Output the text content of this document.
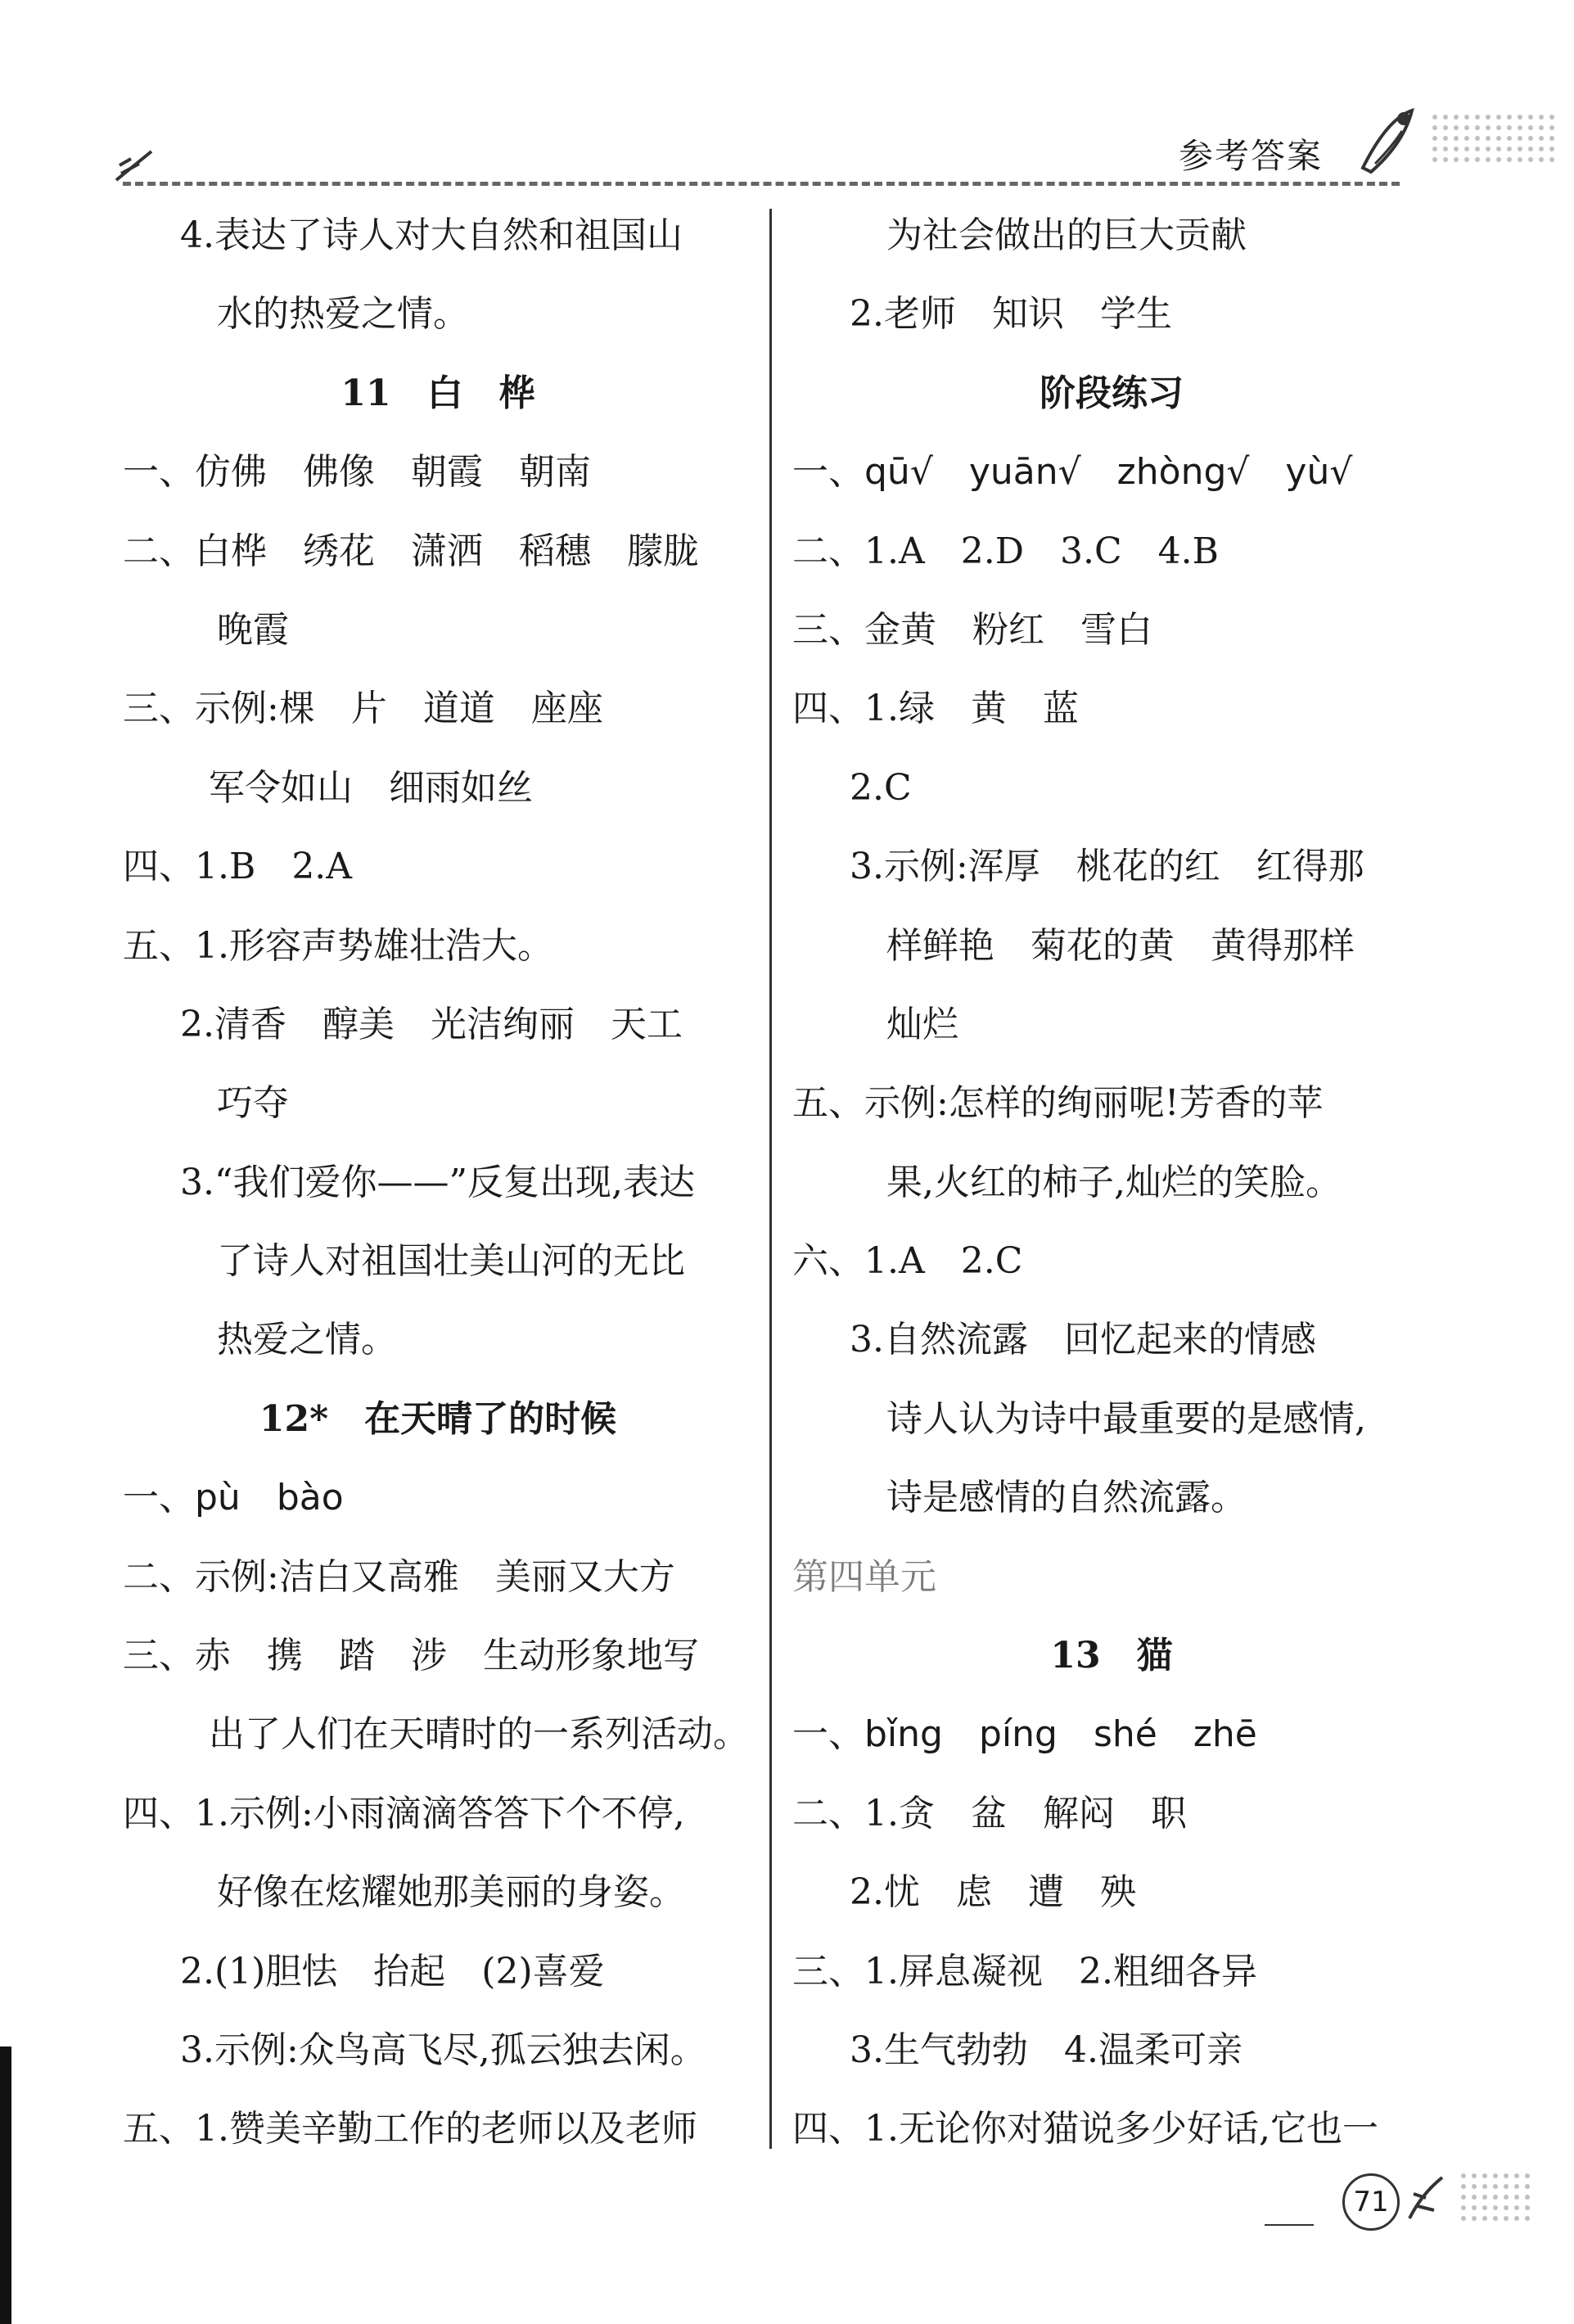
参考答案
4.表达了诗人对大自然和祖国山
水的热爱之情。
11　白　桦
一、仿佛　佛像　朝霞　朝南
二、白桦　绣花　潇洒　稻穗　朦胧
晚霞
三、示例:棵　片　道道　座座
军令如山　细雨如丝
四、1.B　2.A
五、1.形容声势雄壮浩大。
2.清香　醇美　光洁绚丽　天工
巧夺
3.“我们爱你——”反复出现,表达
了诗人对祖国壮美山河的无比
热爱之情。
12*　在天晴了的时候
一、pù　bào
二、示例:洁白又高雅　美丽又大方
三、赤　携　踏　涉　生动形象地写
出了人们在天晴时的一系列活动。
四、1.示例:小雨滴滴答答下个不停,
好像在炫耀她那美丽的身姿。
2.(1)胆怯　抬起　(2)喜爱
3.示例:众鸟高飞尽,孤云独去闲。
五、1.赞美辛勤工作的老师以及老师
为社会做出的巨大贡献
2.老师　知识　学生
阶段练习
一、qū√　yuān√　zhòng√　yù√
二、1.A　2.D　3.C　4.B
三、金黄　粉红　雪白
四、1.绿　黄　蓝
2.C
3.示例:浑厚　桃花的红　红得那
样鲜艳　菊花的黄　黄得那样
灿烂
五、示例:怎样的绚丽呢!芳香的苹
果,火红的柿子,灿烂的笑脸。
六、1.A　2.C
3.自然流露　回忆起来的情感
诗人认为诗中最重要的是感情,
诗是感情的自然流露。
第四单元
13　猫
一、bǐng　píng　shé　zhē
二、1.贪　盆　解闷　职
2.忧　虑　遭　殃
三、1.屏息凝视　2.粗细各异
3.生气勃勃　4.温柔可亲
四、1.无论你对猫说多少好话,它也一
71
